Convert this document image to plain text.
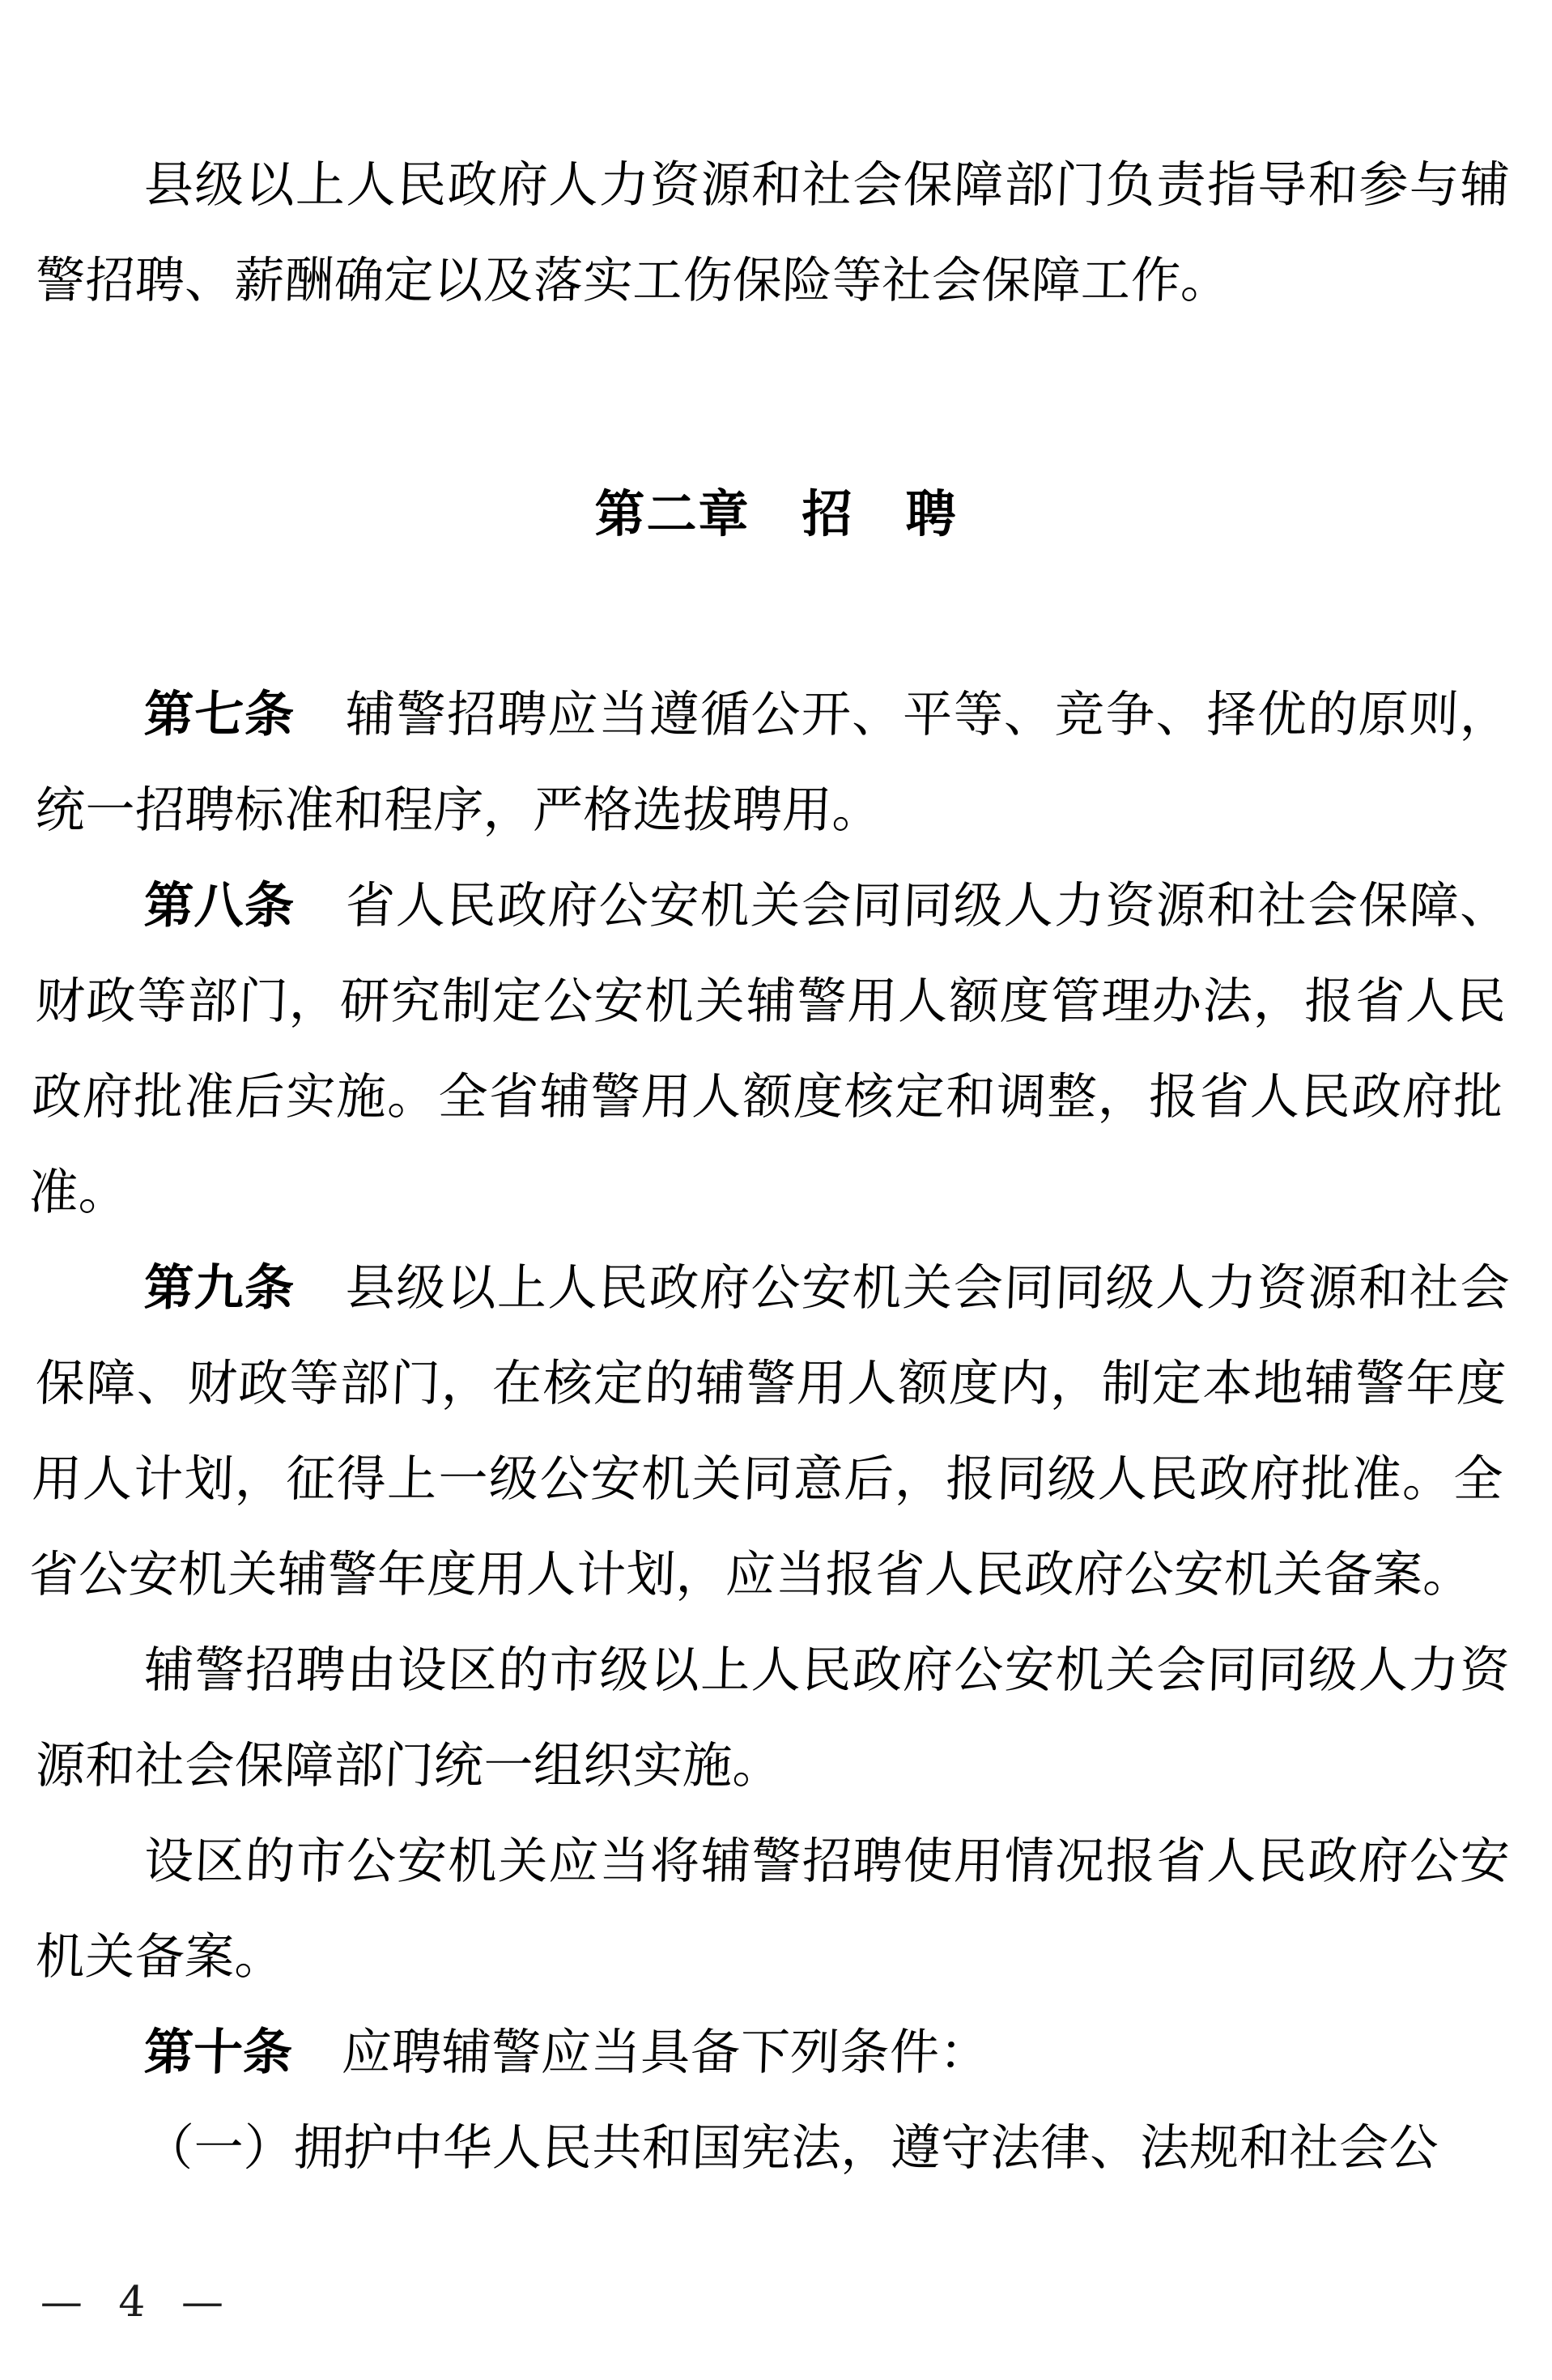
县级以上人民政府人力资源和社会保障部门负责指导和参与辅警招聘、薪酬确定以及落实工伤保险等社会保障工作。

第二章　招　聘

第七条　 辅警招聘应当遵循公开、平等、竞争、择优的原则，统一招聘标准和程序，严格选拔聘用。

第八条　 省人民政府公安机关会同同级人力资源和社会保障、财政等部门，研究制定公安机关辅警用人额度管理办法，报省人民政府批准后实施。全省辅警用人额度核定和调整，报省人民政府批准。

第九条　 县级以上人民政府公安机关会同同级人力资源和社会保障、财政等部门，在核定的辅警用人额度内，制定本地辅警年度用人计划，征得上一级公安机关同意后，报同级人民政府批准。全省公安机关辅警年度用人计划，应当报省人民政府公安机关备案。

辅警招聘由设区的市级以上人民政府公安机关会同同级人力资源和社会保障部门统一组织实施。

设区的市公安机关应当将辅警招聘使用情况报省人民政府公安机关备案。

第十条　 应聘辅警应当具备下列条件：

（一）拥护中华人民共和国宪法，遵守法律、法规和社会公

— 4 —
